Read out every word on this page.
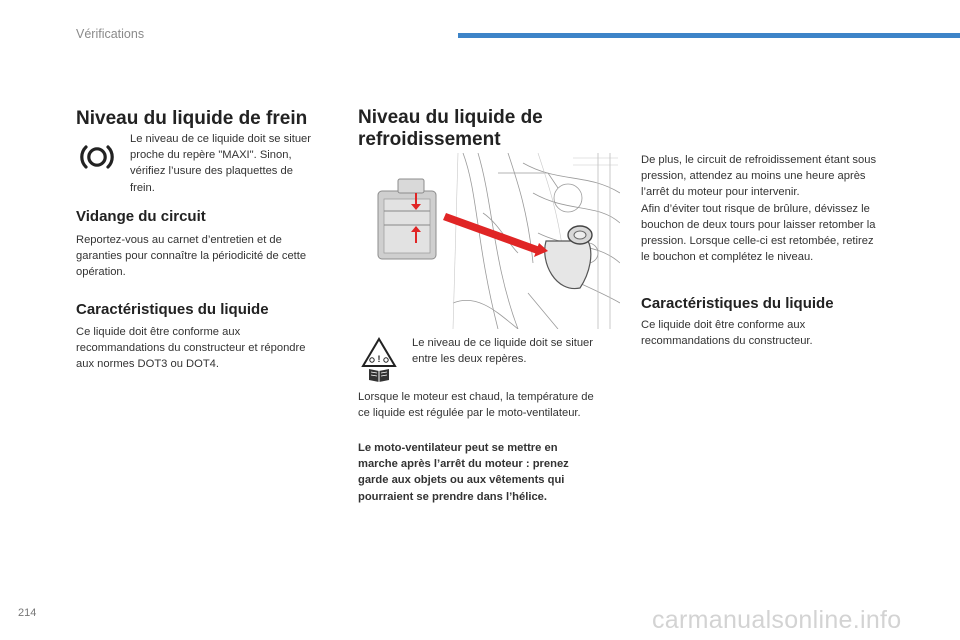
Vérifications
Niveau du liquide de frein
Le niveau de ce liquide doit se situer
proche du repère "MAXI". Sinon,
vérifiez l’usure des plaquettes de
frein.
Vidange du circuit
Reportez-vous au carnet d’entretien et de
garanties pour connaître la périodicité de cette
opération.
Caractéristiques du liquide
Ce liquide doit être conforme aux
recommandations du constructeur et répondre
aux normes DOT3 ou DOT4.
Niveau du liquide de
refroidissement
!
Le niveau de ce liquide doit se situer
entre les deux repères.
Lorsque le moteur est chaud, la température de
ce liquide est régulée par le moto-ventilateur.
Le moto-ventilateur peut se mettre en
marche après l’arrêt du moteur : prenez
garde aux objets ou aux vêtements qui
pourraient se prendre dans l’hélice.
De plus, le circuit de refroidissement étant sous
pression, attendez au moins une heure après
l’arrêt du moteur pour intervenir.
Afin d’éviter tout risque de brûlure, dévissez le
bouchon de deux tours pour laisser retomber la
pression. Lorsque celle-ci est retombée, retirez
le bouchon et complétez le niveau.
Caractéristiques du liquide
Ce liquide doit être conforme aux
recommandations du constructeur.
214	carmanualsonline.info
